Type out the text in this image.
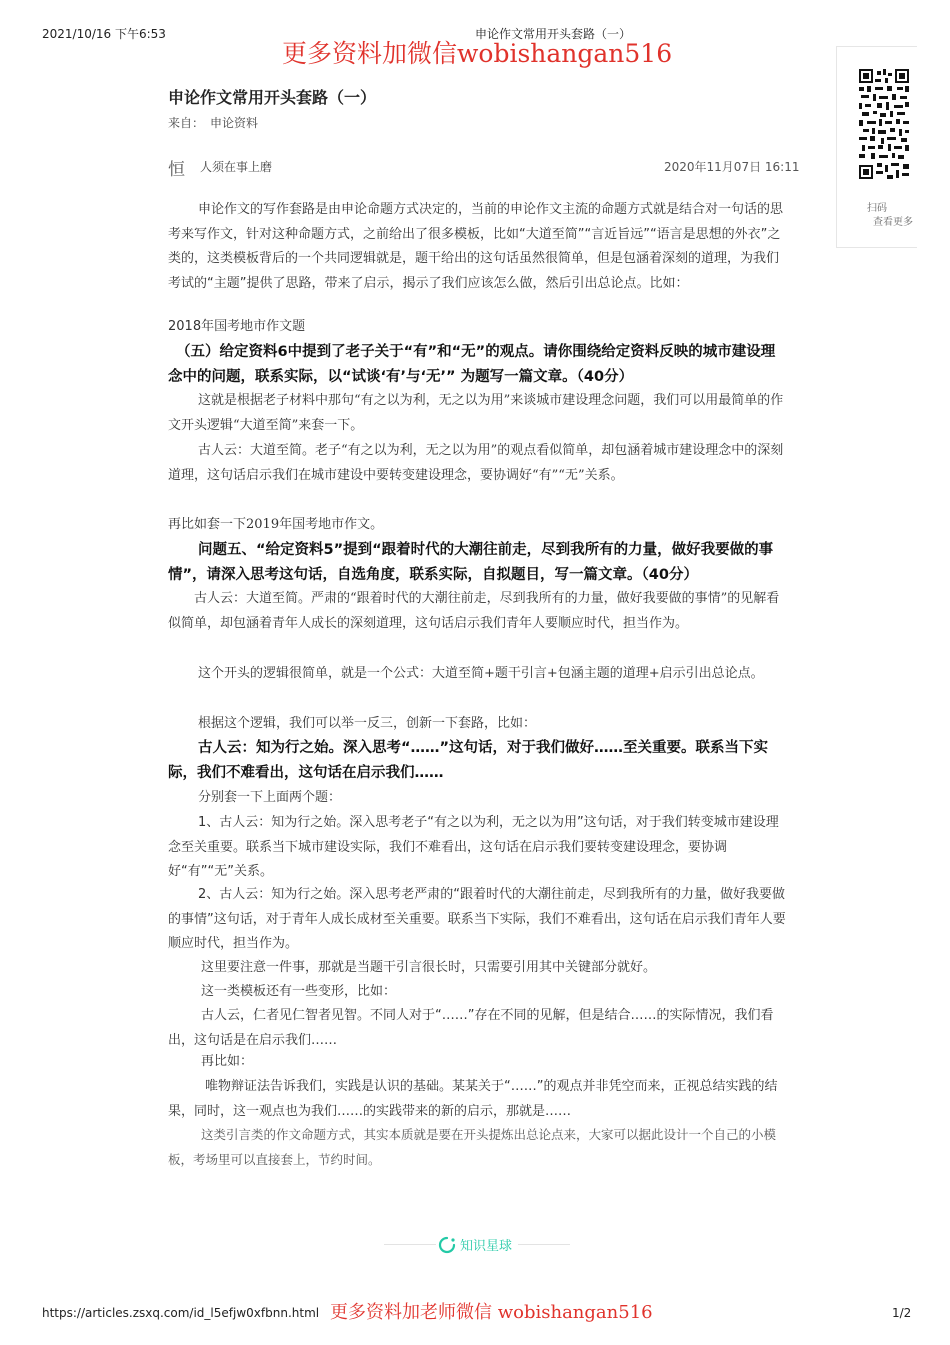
2021/10/16 下午6:53	申论作文常用开头套路（一）
更多资料加微信wobishangan516
扫码
查看更多
申论作文常用开头套路（一）
来自： 申论资料
恒 人须在事上磨	2020年11月07日 16:11

申论作文的写作套路是由申论命题方式决定的，当前的申论作文主流的命题方式就是结合对一句话的思考来写作文，针对这种命题方式，之前给出了很多模板，比如“大道至简”“言近旨远”“语言是思想的外衣”之类的，这类模板背后的一个共同逻辑就是，题干给出的这句话虽然很简单，但是包涵着深刻的道理，为我们考试的“主题”提供了思路，带来了启示，揭示了我们应该怎么做，然后引出总论点。比如：

2018年国考地市作文题

（五）给定资料6中提到了老子关于“有”和“无”的观点。请你围绕给定资料反映的城市建设理念中的问题，联系实际，以“试谈‘有’与‘无’” 为题写一篇文章。（40分）

这就是根据老子材料中那句“有之以为利，无之以为用”来谈城市建设理念问题，我们可以用最简单的作文开头逻辑“大道至简”来套一下。

古人云：大道至简。老子“有之以为利，无之以为用”的观点看似简单，却包涵着城市建设理念中的深刻道理，这句话启示我们在城市建设中要转变建设理念，要协调好“有”“无”关系。

再比如套一下2019年国考地市作文。

问题五、“给定资料5”提到“跟着时代的大潮往前走，尽到我所有的力量，做好我要做的事情”，请深入思考这句话，自选角度，联系实际，自拟题目，写一篇文章。（40分）

古人云：大道至简。严肃的“跟着时代的大潮往前走，尽到我所有的力量，做好我要做的事情”的见解看似简单，却包涵着青年人成长的深刻道理，这句话启示我们青年人要顺应时代，担当作为。

这个开头的逻辑很简单，就是一个公式：大道至简+题干引言+包涵主题的道理+启示引出总论点。

根据这个逻辑，我们可以举一反三，创新一下套路，比如：

古人云：知为行之始。深入思考“……”这句话，对于我们做好……至关重要。联系当下实际，我们不难看出，这句话在启示我们……

分别套一下上面两个题：

1、古人云：知为行之始。深入思考老子“有之以为利，无之以为用”这句话，对于我们转变城市建设理念至关重要。联系当下城市建设实际，我们不难看出，这句话在启示我们要转变建设理念，要协调好“有”“无”关系。

2、古人云：知为行之始。深入思考老严肃的“跟着时代的大潮往前走，尽到我所有的力量，做好我要做的事情”这句话，对于青年人成长成材至关重要。联系当下实际，我们不难看出，这句话在启示我们青年人要顺应时代，担当作为。

这里要注意一件事，那就是当题干引言很长时，只需要引用其中关键部分就好。

这一类模板还有一些变形，比如：

古人云，仁者见仁智者见智。不同人对于“……”存在不同的见解，但是结合……的实际情况，我们看出，这句话是在启示我们……

再比如：

唯物辩证法告诉我们，实践是认识的基础。某某关于“……”的观点并非凭空而来，正视总结实践的结果，同时，这一观点也为我们……的实践带来的新的启示，那就是……

这类引言类的作文命题方式，其实本质就是要在开头提炼出总论点来，大家可以据此设计一个自己的小模板，考场里可以直接套上，节约时间。

知识星球
https://articles.zsxq.com/id_l5efjw0xfbnn.html 更多资料加老师微信 wobishangan516	1/2
